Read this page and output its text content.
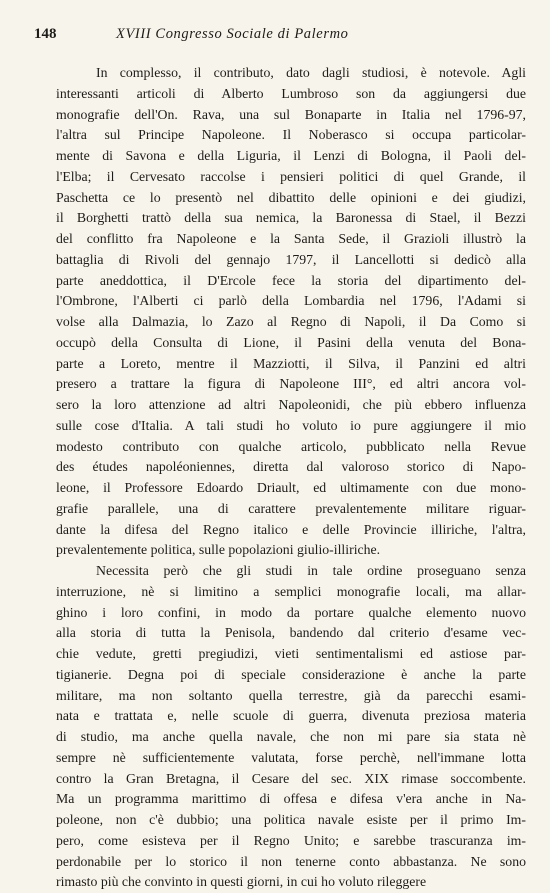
148	XVIII Congresso Sociale di Palermo
In complesso, il contributo, dato dagli studiosi, è notevole. Agli
interessanti articoli di Alberto Lumbroso son da aggiungersi due
monografie dell'On. Rava, una sul Bonaparte in Italia nel 1796-97,
l'altra sul Principe Napoleone. Il Noberasco si occupa particolar-
mente di Savona e della Liguria, il Lenzi di Bologna, il Paoli del-
l'Elba; il Cervesato raccolse i pensieri politici di quel Grande, il
Paschetta ce lo presentò nel dibattito delle opinioni e dei giudizi,
il Borghetti trattò della sua nemica, la Baronessa di Stael, il Bezzi
del conflitto fra Napoleone e la Santa Sede, il Grazioli illustrò la
battaglia di Rivoli del gennajo 1797, il Lancellotti si dedicò alla
parte aneddottica, il D'Ercole fece la storia del dipartimento del-
l'Ombrone, l'Alberti ci parlò della Lombardia nel 1796, l'Adami si
volse alla Dalmazia, lo Zazo al Regno di Napoli, il Da Como si
occupò della Consulta di Lione, il Pasini della venuta del Bona-
parte a Loreto, mentre il Mazziotti, il Silva, il Panzini ed altri
presero a trattare la figura di Napoleone III°, ed altri ancora vol-
sero la loro attenzione ad altri Napoleonidi, che più ebbero influenza
sulle cose d'Italia. A tali studi ho voluto io pure aggiungere il mio
modesto contributo con qualche articolo, pubblicato nella Revue
des études napoléoniennes, diretta dal valoroso storico di Napo-
leone, il Professore Edoardo Driault, ed ultimamente con due mono-
grafie parallele, una di carattere prevalentemente militare riguar-
dante la difesa del Regno italico e delle Provincie illiriche, l'altra,
prevalentemente politica, sulle popolazioni giulio-illiriche.
Necessita però che gli studi in tale ordine proseguano senza
interruzione, nè si limitino a semplici monografie locali, ma allar-
ghino i loro confini, in modo da portare qualche elemento nuovo
alla storia di tutta la Penisola, bandendo dal criterio d'esame vec-
chie vedute, gretti pregiudizi, vieti sentimentalismi ed astiose par-
tigianerie. Degna poi di speciale considerazione è anche la parte
militare, ma non soltanto quella terrestre, già da parecchi esami-
nata e trattata e, nelle scuole di guerra, divenuta preziosa materia
di studio, ma anche quella navale, che non mi pare sia stata nè
sempre nè sufficientemente valutata, forse perchè, nell'immane lotta
contro la Gran Bretagna, il Cesare del sec. XIX rimase soccombente.
Ma un programma marittimo di offesa e difesa v'era anche in Na-
poleone, non c'è dubbio; una politica navale esiste per il primo Im-
pero, come esisteva per il Regno Unito; e sarebbe trascuranza im-
perdonabile per lo storico il non tenerne conto abbastanza. Ne sono
rimasto più che convinto in questi giorni, in cui ho voluto rileggere
